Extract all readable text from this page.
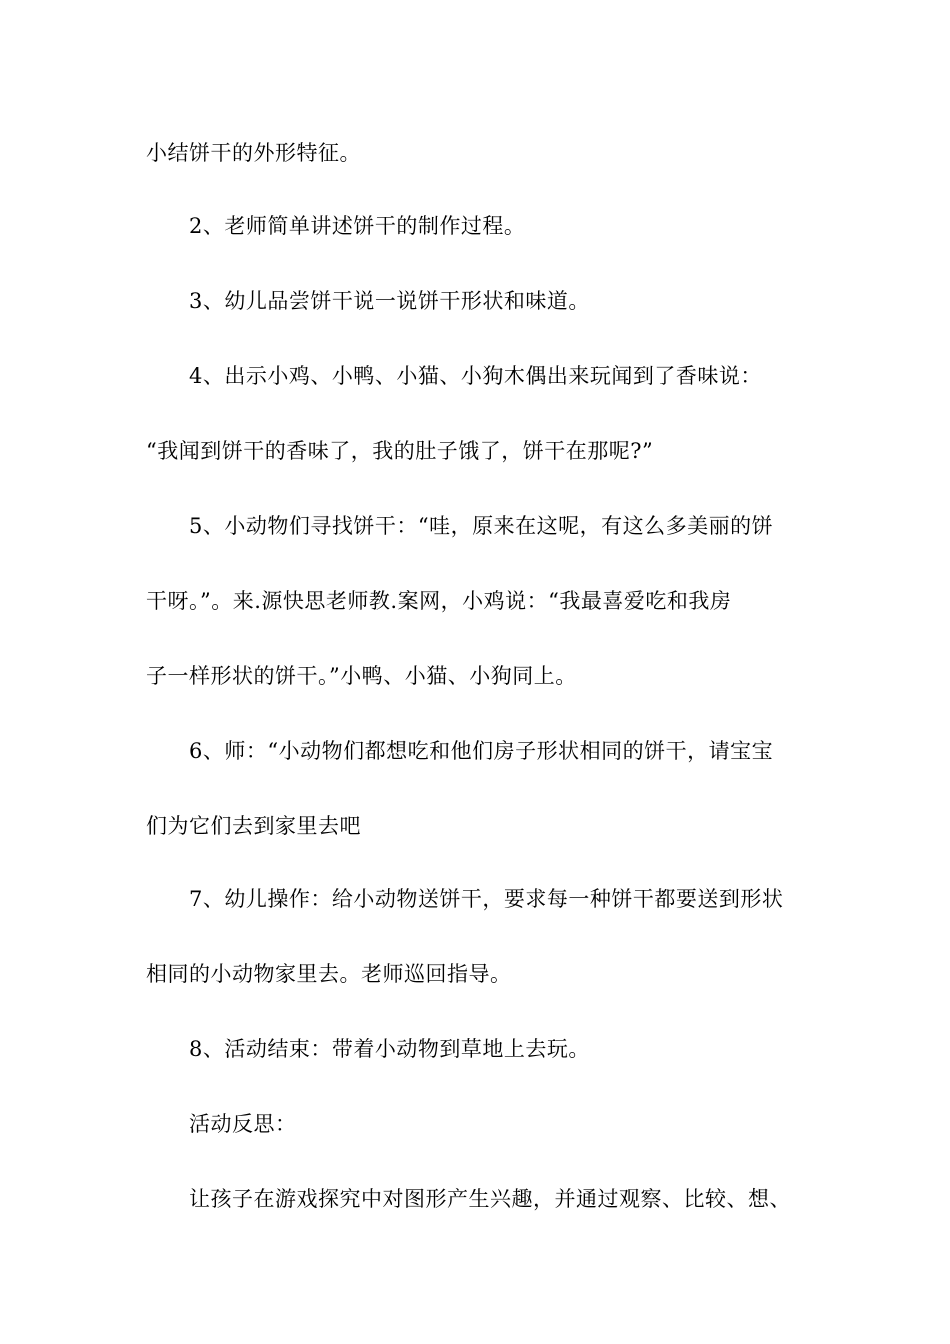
小结饼干的外形特征。
2、老师简单讲述饼干的制作过程。
3、幼儿品尝饼干说一说饼干形状和味道。
4、出示小鸡、小鸭、小猫、小狗木偶出来玩闻到了香味说：
“我闻到饼干的香味了，我的肚子饿了，饼干在那呢?”
5、小动物们寻找饼干：“哇，原来在这呢，有这么多美丽的饼
干呀。”。来.源快思老师教.案网，小鸡说：“我最喜爱吃和我房
子一样形状的饼干。”小鸭、小猫、小狗同上。
6、师：“小动物们都想吃和他们房子形状相同的饼干，请宝宝
们为它们去到家里去吧
7、幼儿操作：给小动物送饼干，要求每一种饼干都要送到形状
相同的小动物家里去。老师巡回指导。
8、活动结束：带着小动物到草地上去玩。
活动反思：
让孩子在游戏探究中对图形产生兴趣，并通过观察、比较、想、
